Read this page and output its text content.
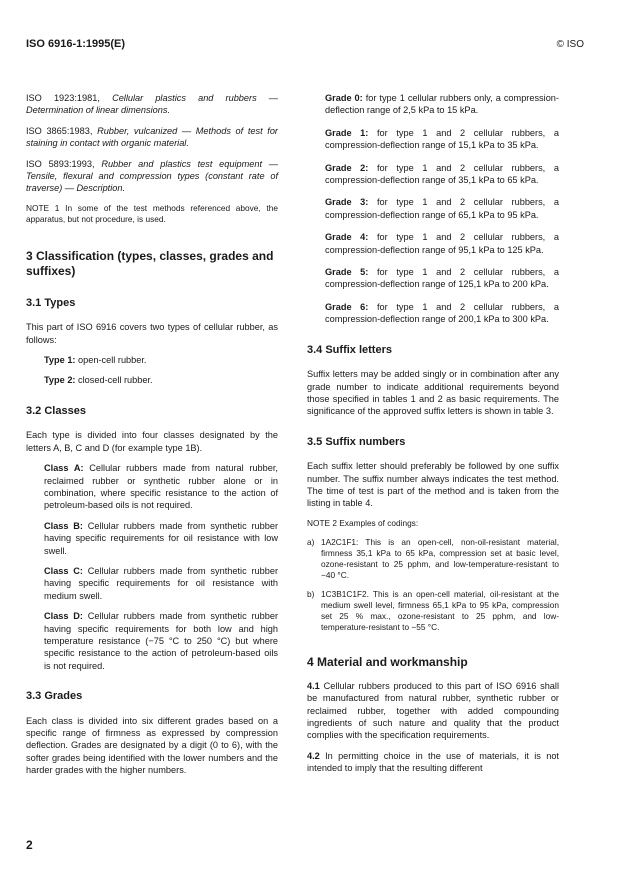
ISO 6916-1:1995(E)	© ISO

ISO 1923:1981, Cellular plastics and rubbers — Determination of linear dimensions.

ISO 3865:1983, Rubber, vulcanized — Methods of test for staining in contact with organic material.

ISO 5893:1993, Rubber and plastics test equipment — Tensile, flexural and compression types (constant rate of traverse) — Description.

NOTE 1 In some of the test methods referenced above, the apparatus, but not procedure, is used.
3 Classification (types, classes, grades and suffixes)
3.1 Types

This part of ISO 6916 covers two types of cellular rubber, as follows:

Type 1: open-cell rubber.

Type 2: closed-cell rubber.

3.2 Classes

Each type is divided into four classes designated by the letters A, B, C and D (for example type 1B).

Class A: Cellular rubbers made from natural rubber, reclaimed rubber or synthetic rubber alone or in combination, where specific resistance to the action of petroleum-based oils is not required.

Class B: Cellular rubbers made from synthetic rubber having specific requirements for oil resistance with low swell.

Class C: Cellular rubbers made from synthetic rubber having specific requirements for oil resistance with medium swell.

Class D: Cellular rubbers made from synthetic rubber having specific requirements for both low and high temperature resistance (−75 °C to 250 °C) but where specific resistance to the action of petroleum-based oils is not required.

3.3 Grades

Each class is divided into six different grades based on a specific range of firmness as expressed by compression deflection. Grades are designated by a digit (0 to 6), with the softer grades being identified with the lower numbers and the harder grades with the higher numbers.

Grade 0: for type 1 cellular rubbers only, a compression-deflection range of 2,5 kPa to 15 kPa.
Grade 1: for type 1 and 2 cellular rubbers, a compression-deflection range of 15,1 kPa to 35 kPa.
Grade 2: for type 1 and 2 cellular rubbers, a compression-deflection range of 35,1 kPa to 65 kPa.
Grade 3: for type 1 and 2 cellular rubbers, a compression-deflection range of 65,1 kPa to 95 kPa.
Grade 4: for type 1 and 2 cellular rubbers, a compression-deflection range of 95,1 kPa to 125 kPa.
Grade 5: for type 1 and 2 cellular rubbers, a compression-deflection range of 125,1 kPa to 200 kPa.
Grade 6: for type 1 and 2 cellular rubbers, a compression-deflection range of 200,1 kPa to 300 kPa.
3.4 Suffix letters

Suffix letters may be added singly or in combination after any grade number to indicate additional requirements beyond those specified in tables 1 and 2 as basic requirements. The significance of the approved suffix letters is shown in table 3.

3.5 Suffix numbers

Each suffix letter should preferably be followed by one suffix number. The suffix number always indicates the test method. The time of test is part of the method and is taken from the listing in table 4.

NOTE 2 Examples of codings:
a) 1A2C1F1: This is an open-cell, non-oil-resistant material, firmness 35,1 kPa to 65 kPa, compression set at basic level, ozone-resistant to 25 pphm, and low-temperature-resistant to −40 °C.
b) 1C3B1C1F2. This is an open-cell material, oil-resistant at the medium swell level, firmness 65,1 kPa to 95 kPa, compression set 25 % max., ozone-resistant to 25 pphm, and low-temperature-resistant to −55 °C.
4 Material and workmanship

4.1 Cellular rubbers produced to this part of ISO 6916 shall be manufactured from natural rubber, synthetic rubber or reclaimed rubber, together with added compounding ingredients of such nature and quality that the product complies with the specification requirements.

4.2 In permitting choice in the use of materials, it is not intended to imply that the resulting different

2
